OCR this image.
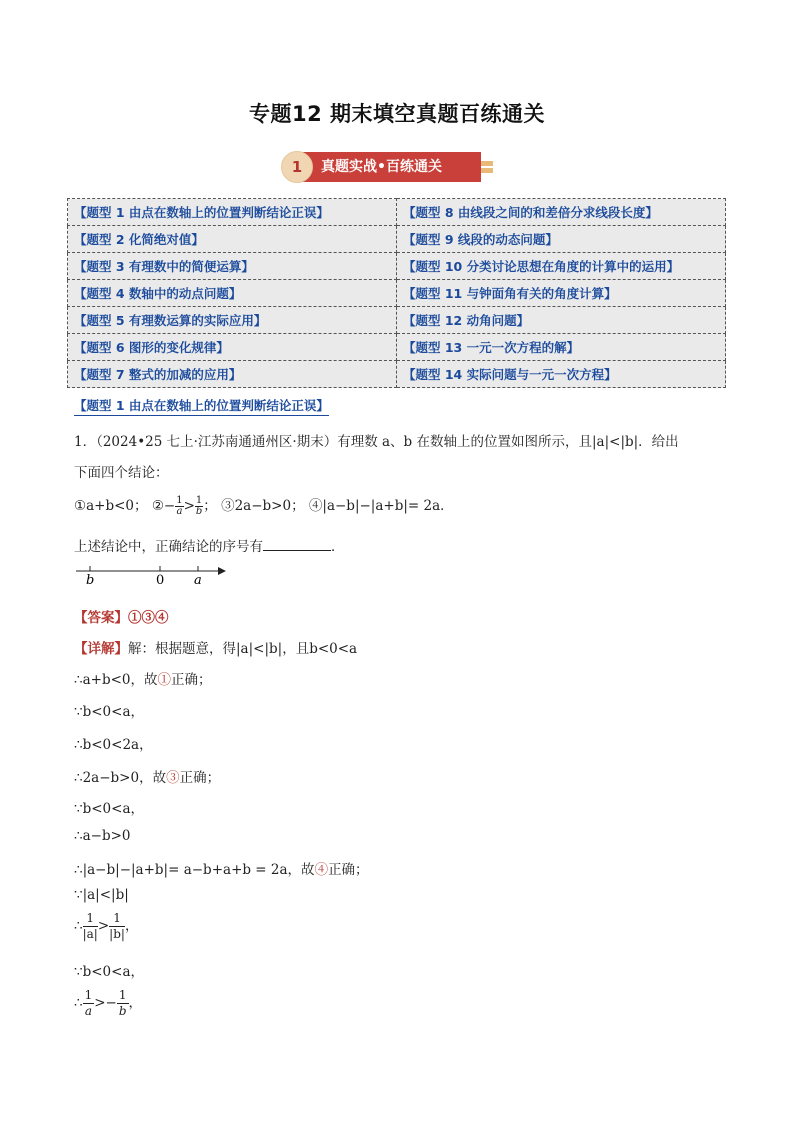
专题12 期末填空真题百练通关
1	真题实战•百练通关
【题型 1 由点在数轴上的位置判断结论正误】	【题型 8 由线段之间的和差倍分求线段长度】
【题型 2 化简绝对值】	【题型 9 线段的动态问题】
【题型 3 有理数中的简便运算】	【题型 10 分类讨论思想在角度的计算中的运用】
【题型 4 数轴中的动点问题】	【题型 11 与钟面角有关的角度计算】
【题型 5 有理数运算的实际应用】	【题型 12 动角问题】
【题型 6 图形的变化规律】	【题型 13 一元一次方程的解】
【题型 7 整式的加减的应用】	【题型 14 实际问题与一元一次方程】
【题型 1 由点在数轴上的位置判断结论正误】
1．（2024•25 七上·江苏南通通州区·期末）有理数 a、b 在数轴上的位置如图所示，且|a|<|b|．给出
下面四个结论：
①a+b<0； ②− $\frac{1}{a} > \frac{1}{b}$ ； ③2a−b>0； ④|a−b|−|a+b|= 2a．
上述结论中，正确结论的序号有	．
b	0 a
【答案】①③④
【详解】解：根据题意，得|a|<|b|，且b<0<a
∴a+b<0，故①正确；
∵b<0<a，
∴b<0<2a，
∴2a−b>0，故③正确；
∵b<0<a，
∴a−b>0
∴|a−b|−|a+b|= a−b+a+b = 2a，故④正确；
∵|a|<|b|
∴ $\frac{1}{|a|} > \frac{1}{|b|}$ ，
∵b<0<a，
∴ $\frac{1}{a} >- \frac{1}{b}$ ，
